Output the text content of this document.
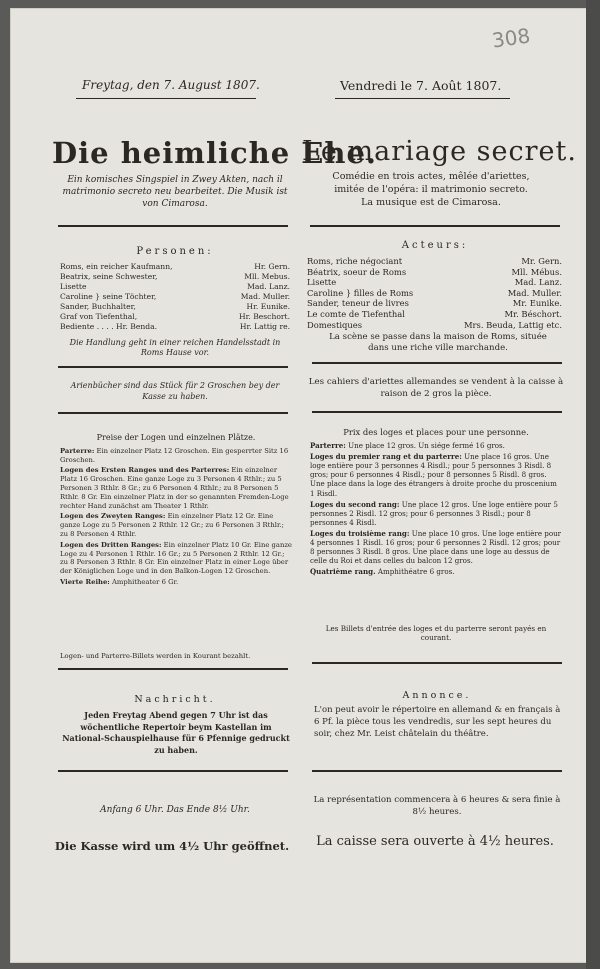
308
Freytag, den 7. August 1807.	Vendredi le 7. Août 1807.
Die heimliche Ehe.
Le mariage secret.
Ein komisches Singspiel in Zwey Akten, nach il matrimonio secreto neu bearbeitet. Die Musik ist von Cimarosa.
Comédie en trois actes, mêlée d'ariettes,
imitée de l'opéra: il matrimonio secreto.
La musique est de Cimarosa.
Personen:
Acteurs:
Roms, ein reicher Kaufmann,	Hr. Gern.
Beatrix, seine Schwester,	Mll. Mebus.
Lisette	Mad. Lanz.
Caroline } seine Töchter,	Mad. Muller.
Sander, Buchhalter,	Hr. Eunike.
Graf von Tiefenthal,	Hr. Beschort.
Bediente . . . . Hr. Benda.	Hr. Lattig re.
Roms, riche négociant	Mr. Gern.
Béatrix, soeur de Roms	Mll. Mébus.
Lisette	Mad. Lanz.
Caroline } filles de Roms	Mad. Muller.
Sander, teneur de livres	Mr. Eunike.
Le comte de Tiefenthal	Mr. Béschort.
Domestiques	Mrs. Beuda, Lattig etc.
Die Handlung geht in einer reichen Handelsstadt in Roms Hause vor.
La scène se passe dans la maison de Roms, située dans une riche ville marchande.
Arienbücher sind das Stück für 2 Groschen bey der Kasse zu haben.
Les cahiers d'ariettes allemandes se vendent à la caisse à raison de 2 gros la pièce.
Preise der Logen und einzelnen Plätze.

Parterre: Ein einzelner Platz 12 Groschen. Ein gesperrter Sitz 16 Groschen.

Logen des Ersten Ranges und des Parterres: Ein einzelner Platz 16 Groschen. Eine ganze Loge zu 3 Personen 4 Rthlr.; zu 5 Personen 3 Rthlr. 8 Gr.; zu 6 Personen 4 Rthlr.; zu 8 Personen 5 Rthlr. 8 Gr. Ein einzelner Platz in der so genannten Fremden-Loge rechter Hand zunächst am Theater 1 Rthlr.

Logen des Zweyten Ranges: Ein einzelner Platz 12 Gr. Eine ganze Loge zu 5 Personen 2 Rthlr. 12 Gr.; zu 6 Personen 3 Rthlr.; zu 8 Personen 4 Rthlr.

Logen des Dritten Ranges: Ein einzelner Platz 10 Gr. Eine ganze Loge zu 4 Personen 1 Rthlr. 16 Gr.; zu 5 Personen 2 Rthlr. 12 Gr.; zu 8 Personen 3 Rthlr. 8 Gr. Ein einzelner Platz in einer Loge über der Königlichen Loge und in den Balkon-Logen 12 Groschen.

Vierte Reihe: Amphitheater 6 Gr.

Prix des loges et places pour une personne.

Parterre: Une place 12 gros. Un siége fermé 16 gros.

Loges du premier rang et du parterre: Une place 16 gros. Une loge entière pour 3 personnes 4 Risdl.; pour 5 personnes 3 Risdl. 8 gros; pour 6 personnes 4 Risdl.; pour 8 personnes 5 Risdl. 8 gros. Une place dans la loge des étrangers à droite proche du proscenium 1 Risdl.

Loges du second rang: Une place 12 gros. Une loge entière pour 5 personnes 2 Risdl. 12 gros; pour 6 personnes 3 Risdl.; pour 8 personnes 4 Risdl.

Loges du troisième rang: Une place 10 gros. Une loge entière pour 4 personnes 1 Risdl. 16 gros; pour 6 personnes 2 Risdl. 12 gros; pour 8 personnes 3 Risdl. 8 gros. Une place dans une loge au dessus de celle du Roi et dans celles du balcon 12 gros.

Quatrième rang. Amphithéatre 6 gros.

Logen- und Parterre-Billets werden in Kourant bezahlt.
Les Billets d'entrée des loges et du parterre seront payés en courant.
Nachricht.	Annonce.
Jeden Freytag Abend gegen 7 Uhr ist das wöchentliche Repertoir beym Kastellan im National-Schauspielhause für 6 Pfennige gedruckt zu haben.
L'on peut avoir le répertoire en allemand & en français à 6 Pf. la pièce tous les vendredis, sur les sept heures du soir, chez Mr. Leist châtelain du théâtre.
Anfang 6 Uhr. Das Ende 8½ Uhr.
La représentation commencera à 6 heures & sera finie à 8½ heures.
Die Kasse wird um 4½ Uhr geöffnet.	La caisse sera ouverte à 4½ heures.
